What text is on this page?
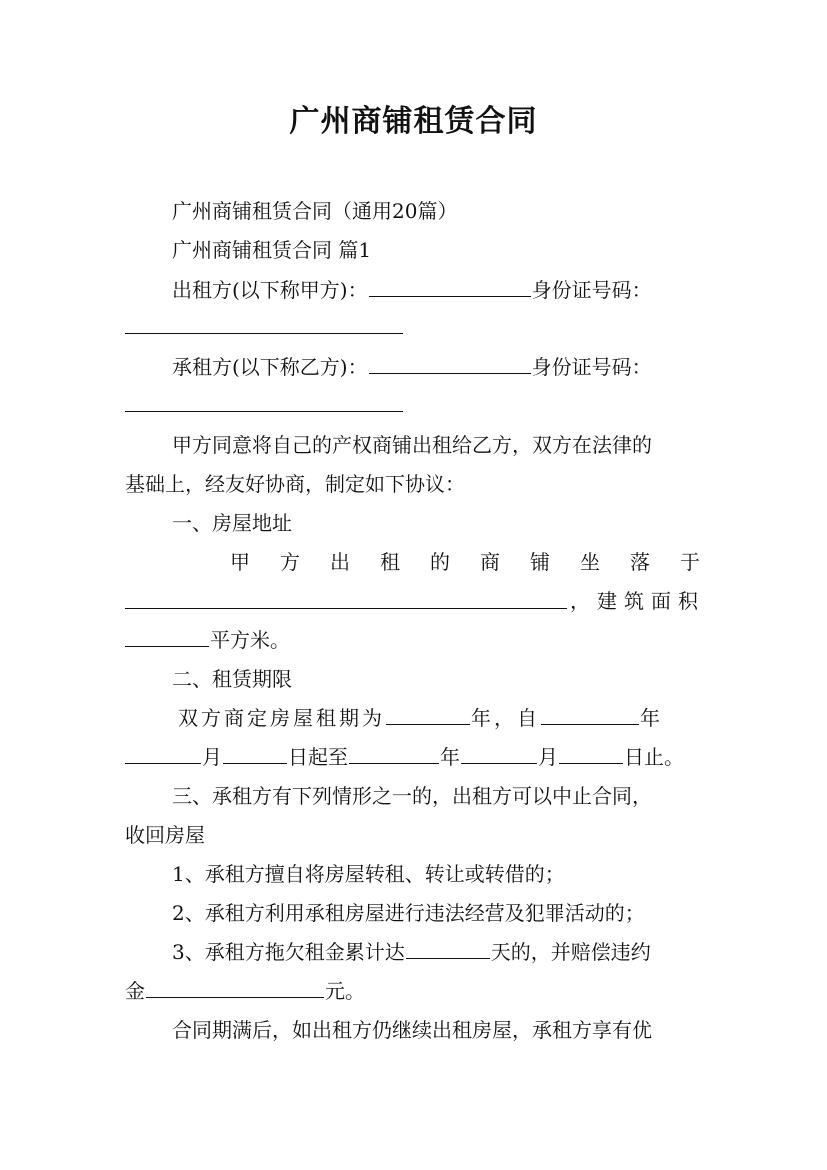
广州商铺租赁合同
广州商铺租赁合同（通用20篇）
广州商铺租赁合同 篇1
出租方(以下称甲方)：	身份证号码：
承租方(以下称乙方)：	身份证号码：
甲方同意将自己的产权商铺出租给乙方，双方在法律的
基础上，经友好协商，制定如下协议：
一、房屋地址
甲 方 出 租 的 商 铺 坐 落 于
，建筑面积
平方米。
二、租赁期限
双方商定房屋租期为	年，自	年
月	日起至	年	月	日止。
三、承租方有下列情形之一的，出租方可以中止合同，
收回房屋
1、承租方擅自将房屋转租、转让或转借的；
2、承租方利用承租房屋进行违法经营及犯罪活动的；
3、承租方拖欠租金累计达	天的，并赔偿违约
金	元。
合同期满后，如出租方仍继续出租房屋，承租方享有优
